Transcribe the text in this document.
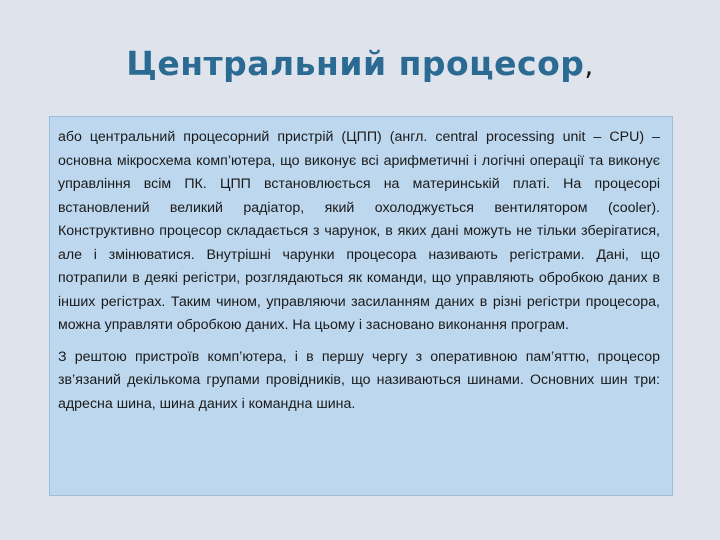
Центральний процесор,

або центральний процесорний пристрій (ЦПП) (англ. central processing unit – CPU) – основна мікросхема комп’ютера, що виконує всі арифметичні і логічні операції та виконує управління всім ПК. ЦПП встановлюється на материнській платі. На процесорі встановлений великий радіатор, який охолоджується вентилятором (cooler). Конструктивно процесор складається з чарунок, в яких дані можуть не тільки зберігатися, але і змінюватися. Внутрішні чарунки процесора називають регістрами. Дані, що потрапили в деякі регістри, розглядаються як команди, що управляють обробкою даних в інших регістрах. Таким чином, управляючи засиланням даних в різні регістри процесора, можна управляти обробкою даних. На цьому і засновано виконання програм.

З рештою пристроїв комп’ютера, і в першу чергу з оперативною пам’яттю, процесор зв’язаний декількома групами провідників, що називаються шинами. Основних шин три: адресна шина, шина даних і командна шина.
